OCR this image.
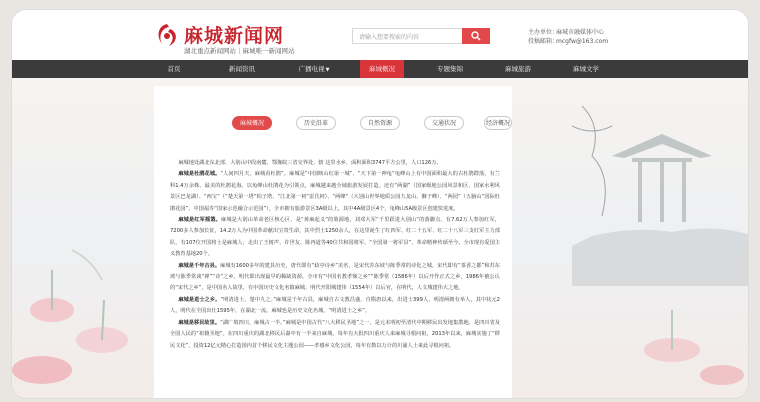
麻城新闻网
湖北重点新闻网站｜麻城唯一新闻网站
请输入想要搜索的内容
主办单位：麻城市融媒体中心
投稿邮箱：mcgfw@163.com
首页	新闻资讯	广播电视▼	麻城概况	专题集锦	麻城旅游	麻城文学
麻城概况	历史沿革	自然资源	交通状况	经济概况

麻城地处湖北东北部、大别山中段南麓、鄂豫皖三省交界处，辖 这里水乡，面积面积3747平方公里，人口126万。

麻城是杜鹃花城。“人间四月天，麻城看杜鹃”。麻城是“中国映山红第一城”、“天下第一神龟”龟峰山上有中国面积最大的古杜鹃群落，有兰科1.4万余株、最美的杜鹃花海，以龟峰山杜鹃花为引领点，麻城越来越全域旅游发展打造。还有“两湖”（国家级地公园风景和区、国家水利风景区巴龙湖）、“西宝”（“楚天第一塔”柏子塔、“江北第一祠”雷氏祠）、“两峰”（大别山世界地质公园九龙山、狮子峰）、“两园”（五脑山“国际杜鹃花园”、中国福寿“国家示范融合示范园”），全市拥有旅游景区3A级以上，其中4A级景区4个，龟峰山5A级景区创建快进度。

麻城是红军摇篮。麻城是大别山革命老区核心区、是“黄麻起义”的策源地，刘邓大军“千里跃进大别山”的落脚点，有7.62万人参加红军，7200多人参加长征，14.2万人为中国革命献出宝贵生命，其中烈士1250余人，在这里诞生了红四军、红二十五军、红二十八军三支红军主力部队，有107位开国将士是麻城人；走出了王树声、许世友、陈再道等40位共和国将军，“全国第一将军县”，革命精神传颂至今。全市现有爱国主义教育基地20个。

麻城是千年古县。麻城有1600多年的建县历史，唐代即有“歧亭诗乡”美名，是宋代苏东坡与陈季常的诗化之城，宋代即有“茶香之都”和苏东坡与陈季常谈“禅”“诗”之乡，明代即出现最早的稀缺资源，全市有“中国名教孝悌之乡”“陈季常（1586年）以后开作正式之乡，1986年被公认的“宋代之乡”，是中国名人故里，有中国历史文化名镇麻城、明代开阳城建伟（1554年）以后官，在明代，人文城建伟大之地。

麻城是进士之乡。“明清进士，楚中九之。”麻城是千年古县，麻城自古文教昌盛，自隋唐以来，出进士399人，明清两朝有举人，其中状元2人，明代在全国出仕1595年，在湖北一流。麻城也是历史文化名城，“明清进士之乡”。

麻城是移民故里。“湖广填四川，麻城占一半。”麻城是中国古代“八大移民圣地”之一，是元末明初至清代中期移民出发地集散地，是四川省及全国人民的“祖籍圣地”。在四川重庆的湖北移民后裔中有一半来自麻城，每年有大批四川重庆人来麻城寻根问祖。2013年以来，麻城实施了“移民文化”，投资12亿元精心打造国内首个移民文化主题公园——孝感乡文化公园，每年有数以万计的川渝人士来此寻根问祖。
